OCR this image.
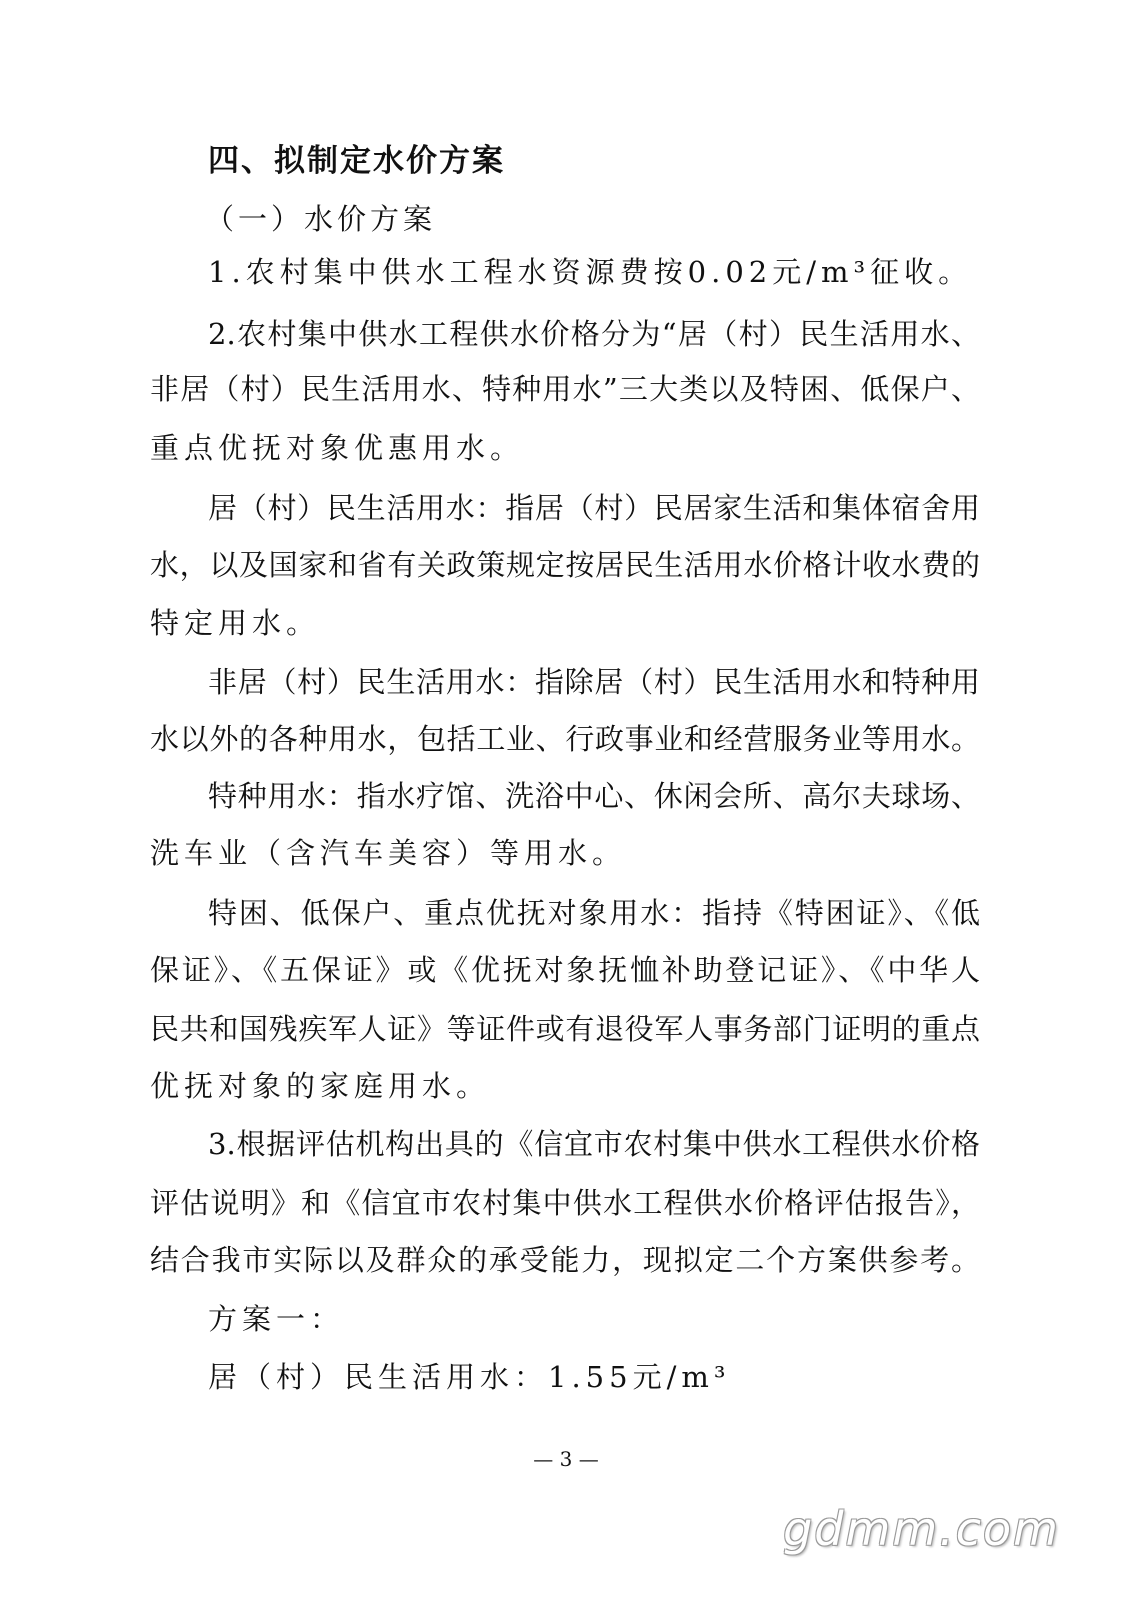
四、拟制定水价方案
（一）水价方案
1.农村集中供水工程水资源费按0.02元/m³征收。
2.农村集中供水工程供水价格分为“居（村）民生活用水、
非居（村）民生活用水、特种用水”三大类以及特困、低保户、
重点优抚对象优惠用水。
居（村）民生活用水：指居（村）民居家生活和集体宿舍用
水，以及国家和省有关政策规定按居民生活用水价格计收水费的
特定用水。
非居（村）民生活用水：指除居（村）民生活用水和特种用
水以外的各种用水，包括工业、行政事业和经营服务业等用水。
特种用水：指水疗馆、洗浴中心、休闲会所、高尔夫球场、
洗车业（含汽车美容）等用水。
特困、低保户、重点优抚对象用水：指持《特困证》、《低
保证》、《五保证》或《优抚对象抚恤补助登记证》、《中华人
民共和国残疾军人证》等证件或有退役军人事务部门证明的重点
优抚对象的家庭用水。
3.根据评估机构出具的《信宜市农村集中供水工程供水价格
评估说明》和《信宜市农村集中供水工程供水价格评估报告》，
结合我市实际以及群众的承受能力，现拟定二个方案供参考。
方案一：
居（村）民生活用水：1.55元/m³
— 3 —
gdmm.com
